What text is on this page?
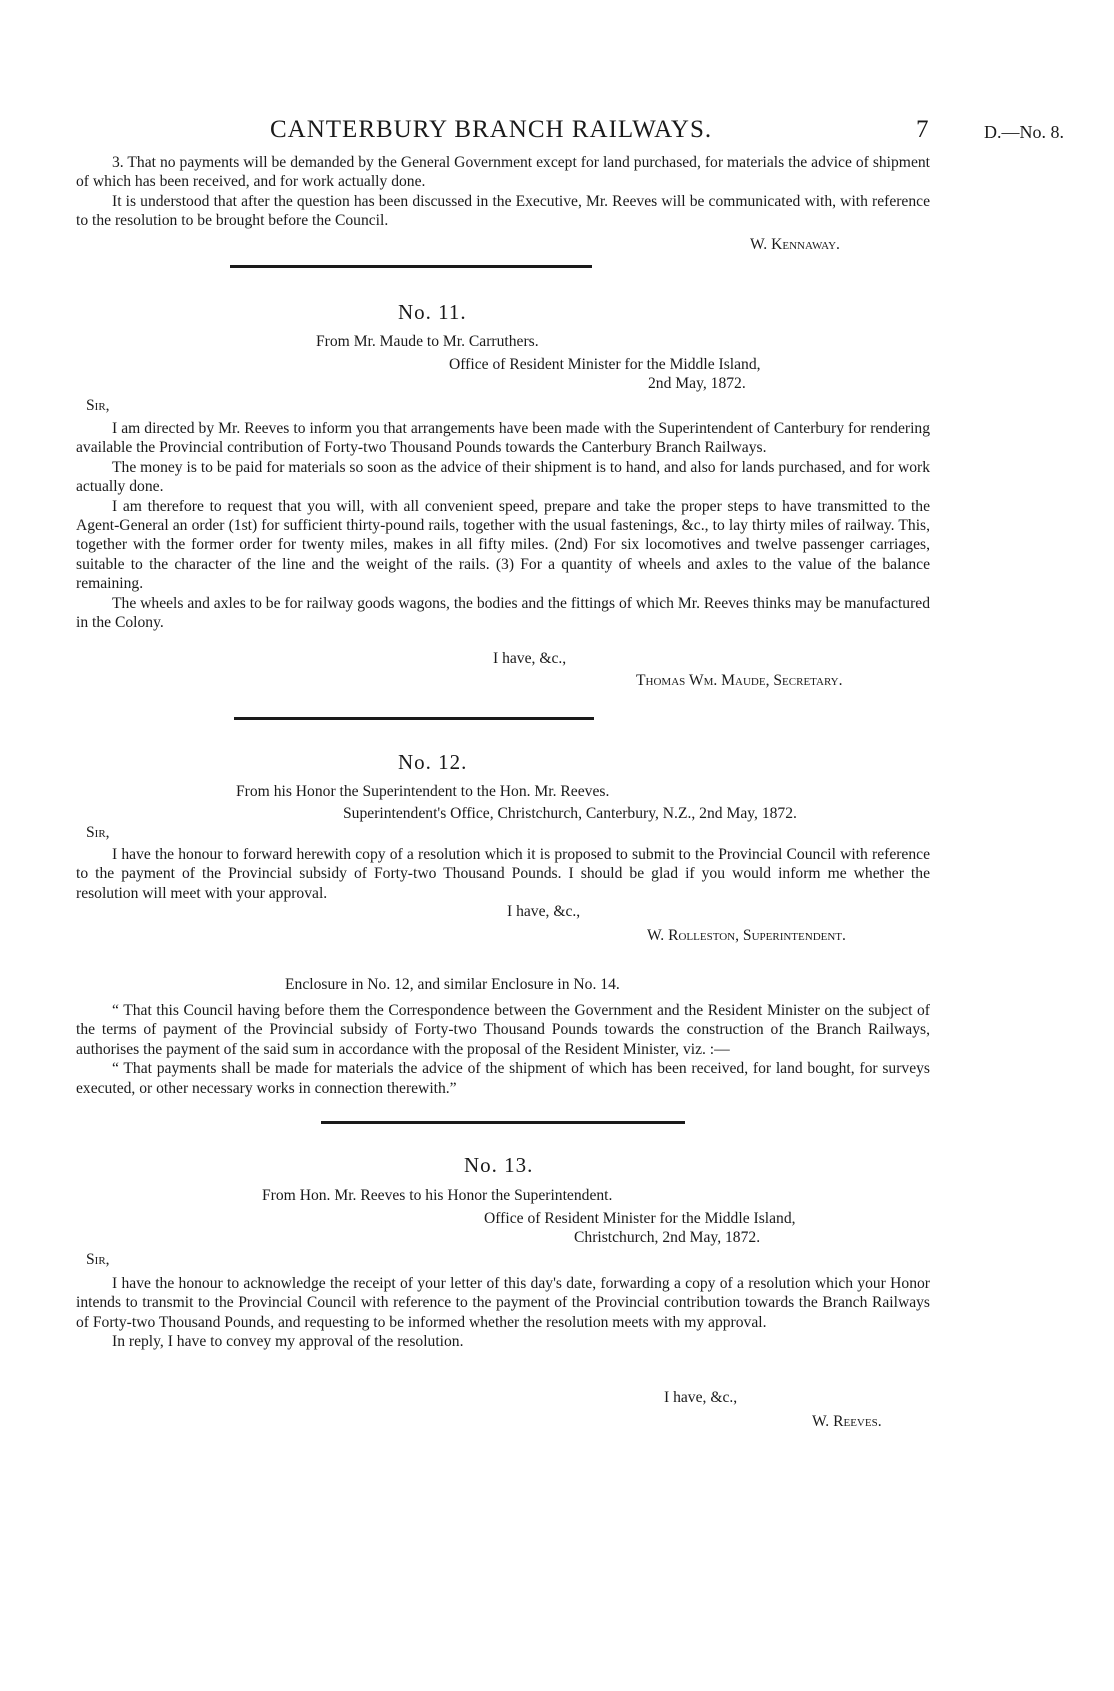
CANTERBURY BRANCH RAILWAYS.	7	D.—No. 8.

3. That no payments will be demanded by the General Government except for land purchased, for materials the advice of shipment of which has been received, and for work actually done.

It is understood that after the question has been discussed in the Executive, Mr. Reeves will be communicated with, with reference to the resolution to be brought before the Council.

W. Kennaway.
No. 11.
From Mr. Maude to Mr. Carruthers.
Office of Resident Minister for the Middle Island,
2nd May, 1872.
Sir,

I am directed by Mr. Reeves to inform you that arrangements have been made with the Superintendent of Canterbury for rendering available the Provincial contribution of Forty-two Thousand Pounds towards the Canterbury Branch Railways.

The money is to be paid for materials so soon as the advice of their shipment is to hand, and also for lands purchased, and for work actually done.

I am therefore to request that you will, with all convenient speed, prepare and take the proper steps to have transmitted to the Agent-General an order (1st) for sufficient thirty-pound rails, together with the usual fastenings, &c., to lay thirty miles of railway. This, together with the former order for twenty miles, makes in all fifty miles. (2nd) For six locomotives and twelve passenger carriages, suitable to the character of the line and the weight of the rails. (3) For a quantity of wheels and axles to the value of the balance remaining.

The wheels and axles to be for railway goods wagons, the bodies and the fittings of which Mr. Reeves thinks may be manufactured in the Colony.

I have, &c.,
Thomas Wm. Maude, Secretary.
No. 12.
From his Honor the Superintendent to the Hon. Mr. Reeves.
Superintendent's Office, Christchurch, Canterbury, N.Z., 2nd May, 1872.
Sir,

I have the honour to forward herewith copy of a resolution which it is proposed to submit to the Provincial Council with reference to the payment of the Provincial subsidy of Forty-two Thousand Pounds. I should be glad if you would inform me whether the resolution will meet with your approval.

I have, &c.,
W. Rolleston, Superintendent.
Enclosure in No. 12, and similar Enclosure in No. 14.

“ That this Council having before them the Correspondence between the Government and the Resident Minister on the subject of the terms of payment of the Provincial subsidy of Forty-two Thousand Pounds towards the construction of the Branch Railways, authorises the payment of the said sum in accordance with the proposal of the Resident Minister, viz. :—

“ That payments shall be made for materials the advice of the shipment of which has been received, for land bought, for surveys executed, or other necessary works in connection therewith.”

No. 13.
From Hon. Mr. Reeves to his Honor the Superintendent.
Office of Resident Minister for the Middle Island,
Christchurch, 2nd May, 1872.
Sir,

I have the honour to acknowledge the receipt of your letter of this day's date, forwarding a copy of a resolution which your Honor intends to transmit to the Provincial Council with reference to the payment of the Provincial contribution towards the Branch Railways of Forty-two Thousand Pounds, and requesting to be informed whether the resolution meets with my approval.

In reply, I have to convey my approval of the resolution.

I have, &c.,
W. Reeves.
